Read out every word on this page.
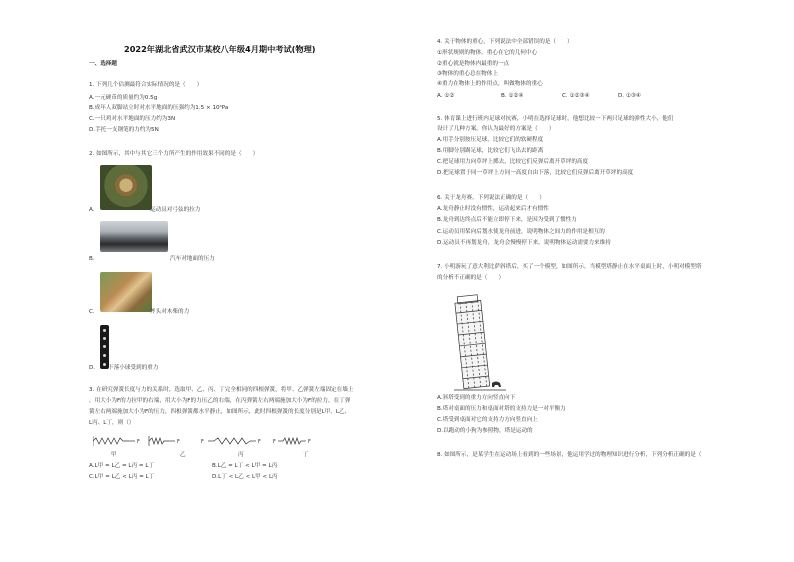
2022年湖北省武汉市某校八年级4月期中考试(物理)
一、选择题
1. 下列几个估测最符合实际情况的是（　　）
A.一元硬币的质量约为0.5g
B.成年人双脚站立时对水平地面的压强约为1.5 × 10⁴Pa
C.一只鸡对水平地面的压力约为3N
D.手托一支钢笔的力约为5N
2. 如图所示，其中与其它三个力所产生的作用效果不同的是（　　）
A.	运动员对弓弦的拉力
B.	汽车对地面的压力
C.	斧头对木柴的力
D. 下落小球受到的重力
3. 在研究弹簧长度与力的关系时，选取甲、乙、丙、丁完全相同的四根弹簧，将甲、乙弹簧左端固定在墙上
，用大小为F的力拉甲的右端，用大小为F的力压乙的右端，在丙弹簧左右两端施加大小为F的拉力，在丁弹
簧左右两端施加大小为F的压力，四根弹簧都水平静止，如图所示，此时四根弹簧的长度分别是L甲、L乙、
L丙、L丁，则（）
F	F	F	F F	F
甲	乙	丙	丁
A.L甲 = L乙 = L丙 = L丁	B.L乙 = L丁 < L甲 = L丙
C.L甲 = L乙 < L丙 = L丁	D.L丁 < L乙 < L甲 < L丙
4. 关于物体的重心，下列说法中全部错误的是（　　）
①形状规则的物体，重心在它的几何中心
②重心就是物体内最重的一点
③物体的重心总在物体上
④重力在物体上的作用点，叫做物体的重心
A. ①②	B. ①②④	C. ①②③④	D. ①③④
5. 体育课上进行班内足球对抗赛，小明在选择足球时，他想比较一下两只足球的弹性大小，他们
设计了几种方案，你认为最好的方案是（　　）
A.用手分别按压足球，比较它们的软硬程度
B.用脚分别踢足球，比较它们飞出去的距离
C.把足球用力向草坪上掷去，比较它们反弹后离开草坪的高度
D.把足球置于同一草坪上方同一高度自由下落，比较它们反弹后离开草坪的高度
6. 关于龙舟赛，下列说法正确的是（　　）
A.龙舟静止时没有惯性，运动起来后才有惯性
B.龙舟到达终点后不能立即停下来，是因为受到了惯性力
C.运动员用桨向后划水使龙舟前进，说明物体之间力的作用是相互的
D.运动员不再划龙舟，龙舟会慢慢停下来，说明物体运动需要力来维持
7. 小明游玩了意大利比萨斜塔后，买了一个模型，如图所示，当模型塔静止在水平桌面上时，小明对模型塔
的分析不正确的是（　　）
A.斜塔受到的重力方向竖直向下
B.塔对桌面的压力和桌面对塔的支持力是一对平衡力
C.塔受到桌面对它的支持力方向竖直向上
D.以跑动的小狗为参照物，塔是运动的
8. 如图所示，是某学生在运动场上看到的一些场景，他运用学过的物理知识进行分析，下列分析正确的是（
